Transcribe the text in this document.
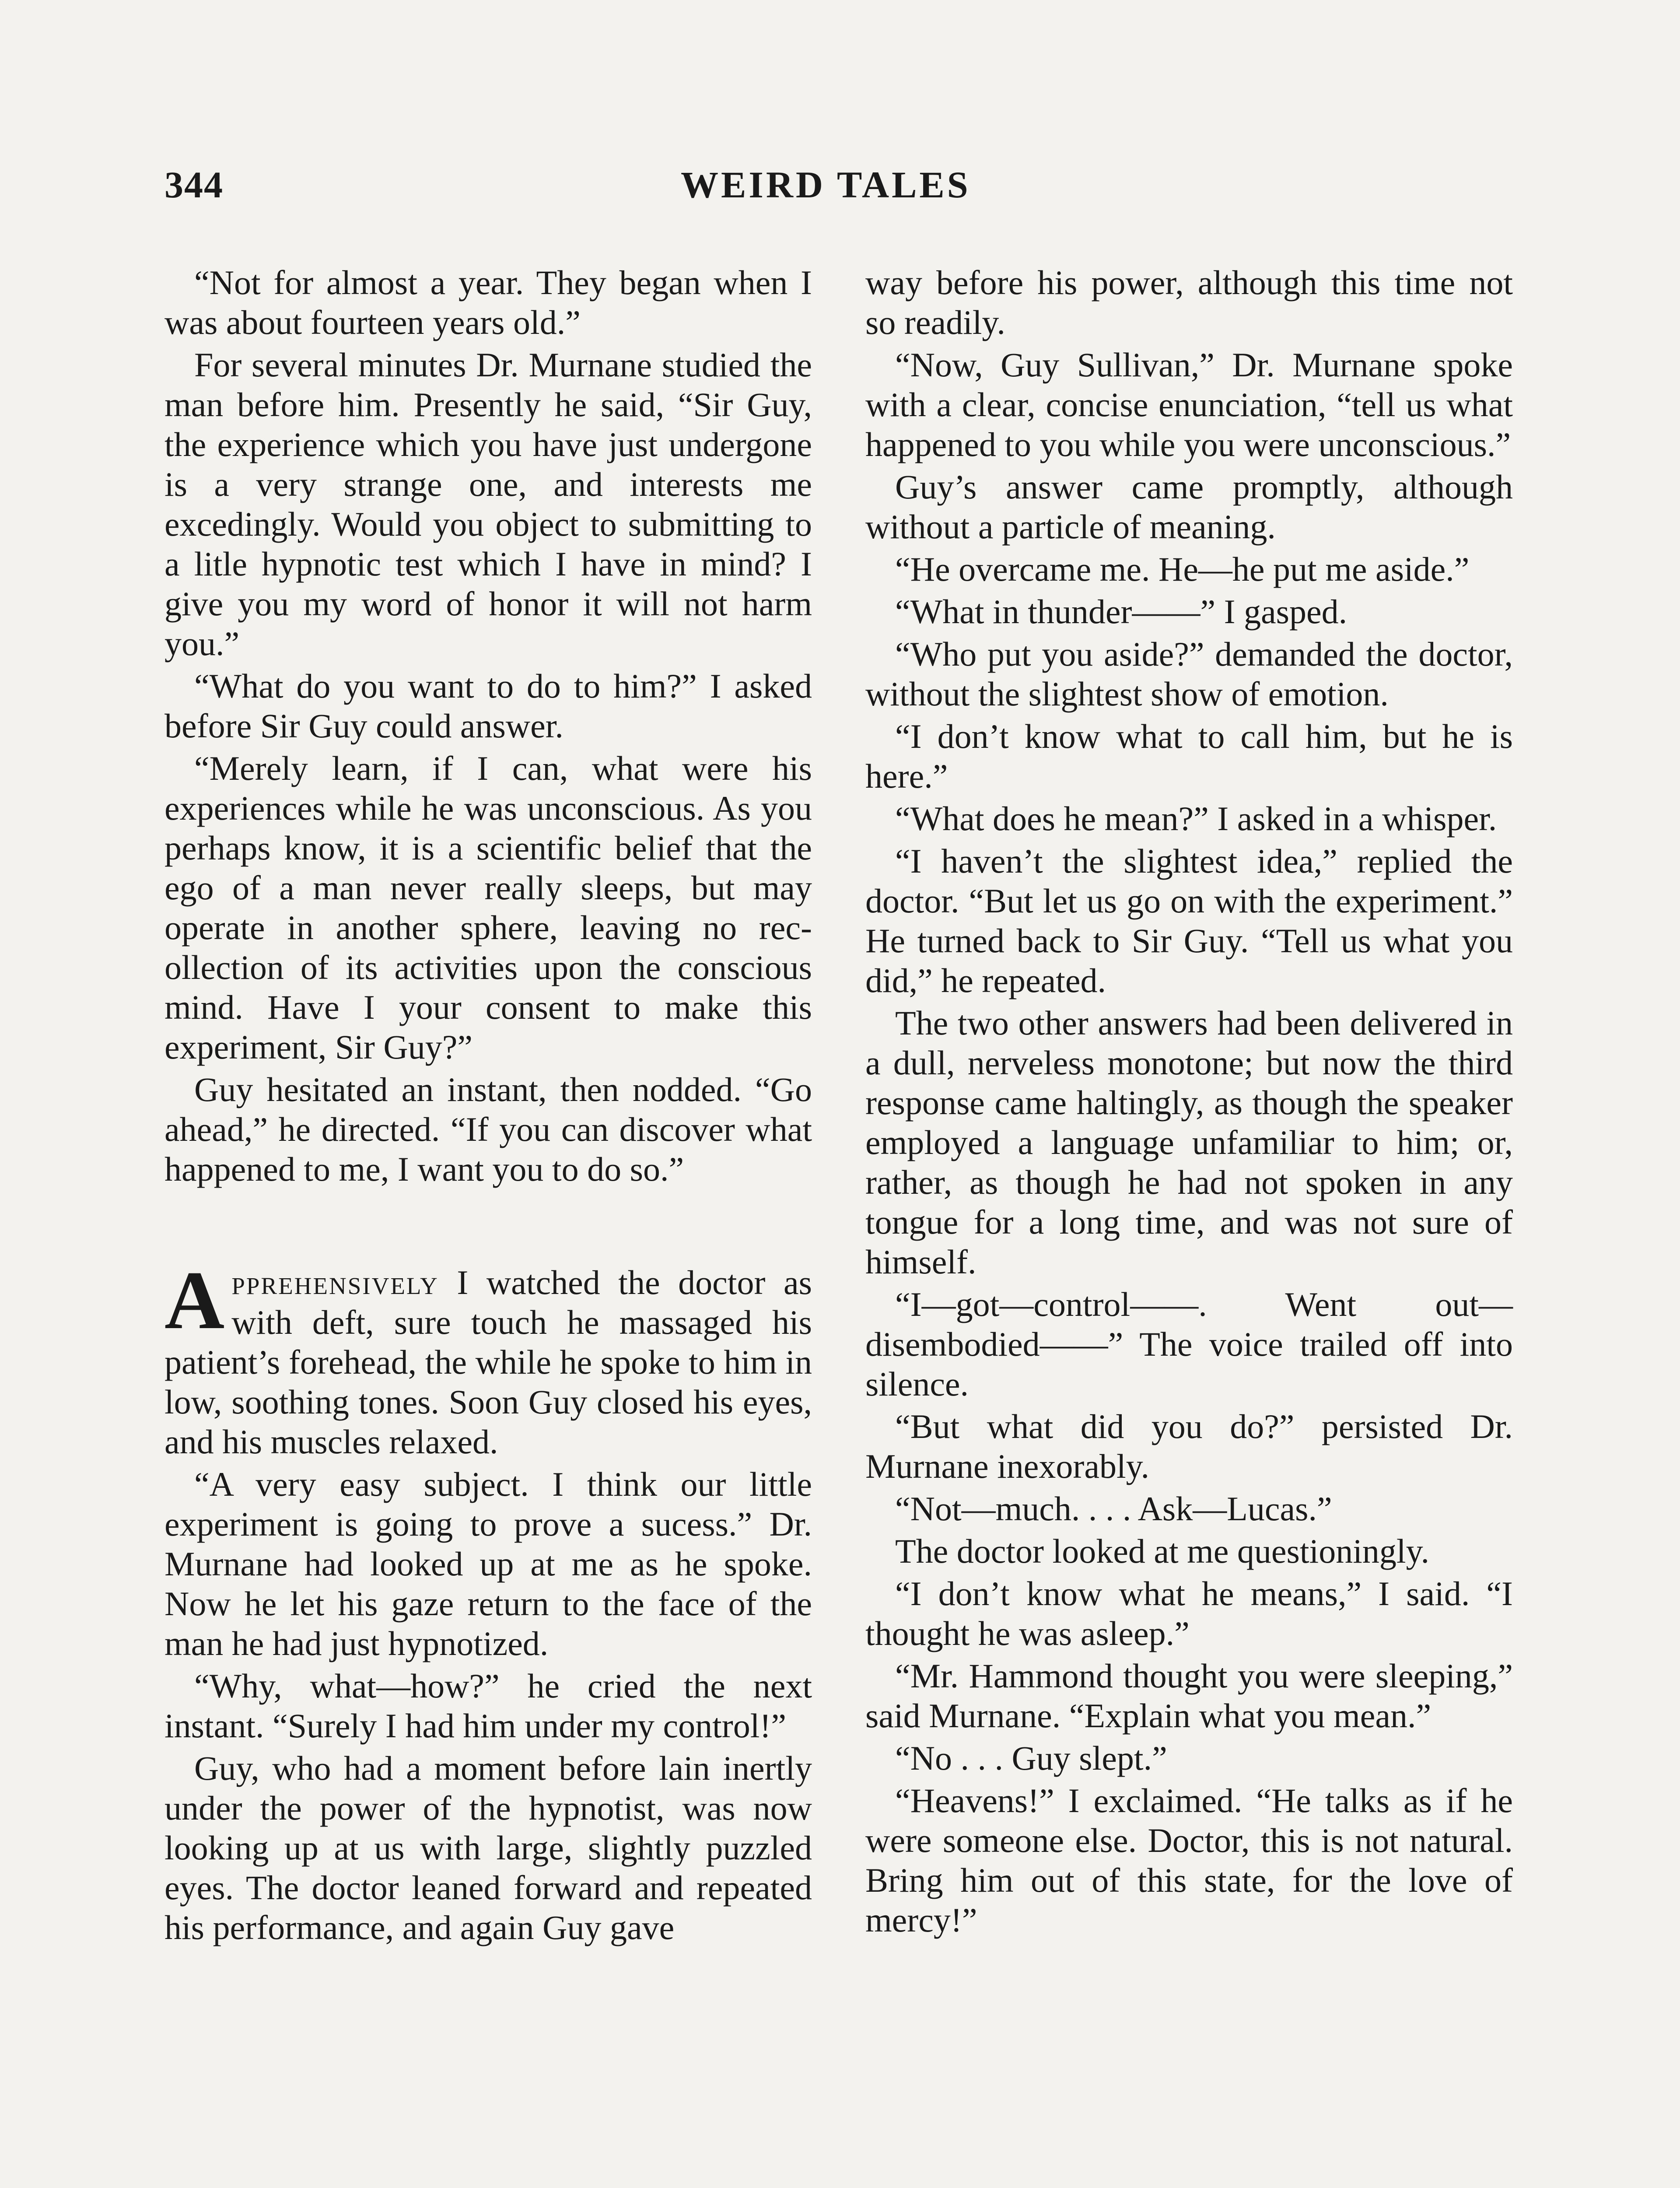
344	WEIRD TALES

“Not for almost a year. They began when I was about fourteen years old.”

For several minutes Dr. Murnane studied the man before him. Presently he said, “Sir Guy, the experience which you have just undergone is a very strange one, and interests me excedingly. Would you object to submitting to a litle hypnotic test which I have in mind? I give you my word of honor it will not harm you.”

“What do you want to do to him?” I asked before Sir Guy could answer.

“Merely learn, if I can, what were his experiences while he was unconscious. As you perhaps know, it is a scientific belief that the ego of a man never really sleeps, but may operate in another sphere, leaving no recollection of its activities upon the conscious mind. Have I your consent to make this experiment, Sir Guy?”

Guy hesitated an instant, then nodded. “Go ahead,” he directed. “If you can discover what happened to me, I want you to do so.”

Apprehensively I watched the doctor as with deft, sure touch he massaged his patient’s forehead, the while he spoke to him in low, soothing tones. Soon Guy closed his eyes, and his muscles relaxed.

“A very easy subject. I think our little experiment is going to prove a sucess.” Dr. Murnane had looked up at me as he spoke. Now he let his gaze return to the face of the man he had just hypnotized.

“Why, what—how?” he cried the next instant. “Surely I had him under my control!”

Guy, who had a moment before lain inertly under the power of the hypnotist, was now looking up at us with large, slightly puzzled eyes. The doctor leaned forward and repeated his performance, and again Guy gave

way before his power, although this time not so readily.

“Now, Guy Sullivan,” Dr. Murnane spoke with a clear, concise enunciation, “tell us what happened to you while you were unconscious.”

Guy’s answer came promptly, although without a particle of meaning.

“He overcame me. He—he put me aside.”

“What in thunder——” I gasped.

“Who put you aside?” demanded the doctor, without the slightest show of emotion.

“I don’t know what to call him, but he is here.”

“What does he mean?” I asked in a whisper.

“I haven’t the slightest idea,” replied the doctor. “But let us go on with the experiment.” He turned back to Sir Guy. “Tell us what you did,” he repeated.

The two other answers had been delivered in a dull, nerveless monotone; but now the third response came haltingly, as though the speaker employed a language unfamiliar to him; or, rather, as though he had not spoken in any tongue for a long time, and was not sure of himself.

“I—got—control——. Went out—disembodied——” The voice trailed off into silence.

“But what did you do?” persisted Dr. Murnane inexorably.

“Not—much. . . . Ask—Lucas.”

The doctor looked at me questioningly.

“I don’t know what he means,” I said. “I thought he was asleep.”

“Mr. Hammond thought you were sleeping,” said Murnane. “Explain what you mean.”

“No . . . Guy slept.”

“Heavens!” I exclaimed. “He talks as if he were someone else. Doctor, this is not natural. Bring him out of this state, for the love of mercy!”
